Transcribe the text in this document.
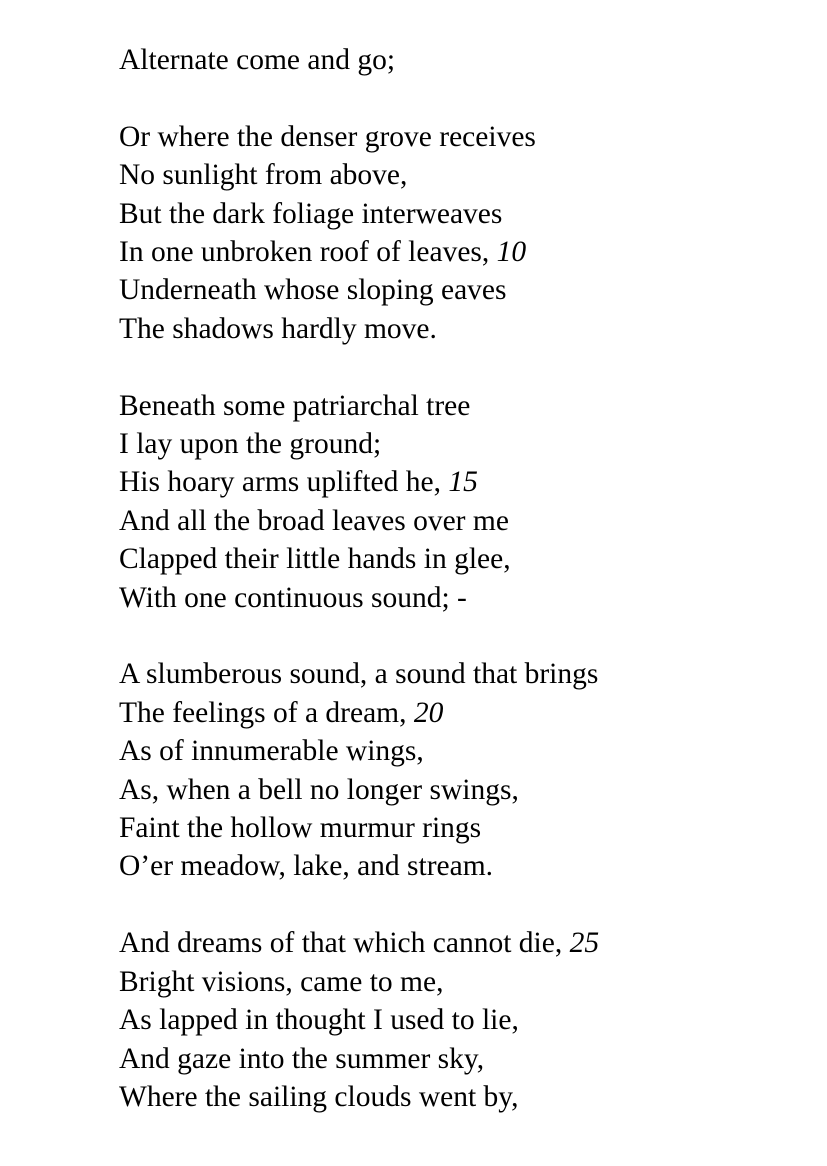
Alternate come and go;
Or where the denser grove receives
No sunlight from above,
But the dark foliage interweaves
In one unbroken roof of leaves, 10
Underneath whose sloping eaves
The shadows hardly move.
Beneath some patriarchal tree
I lay upon the ground;
His hoary arms uplifted he, 15
And all the broad leaves over me
Clapped their little hands in glee,
With one continuous sound; -
A slumberous sound, a sound that brings
The feelings of a dream, 20
As of innumerable wings,
As, when a bell no longer swings,
Faint the hollow murmur rings
O’er meadow, lake, and stream.
And dreams of that which cannot die, 25
Bright visions, came to me,
As lapped in thought I used to lie,
And gaze into the summer sky,
Where the sailing clouds went by,
